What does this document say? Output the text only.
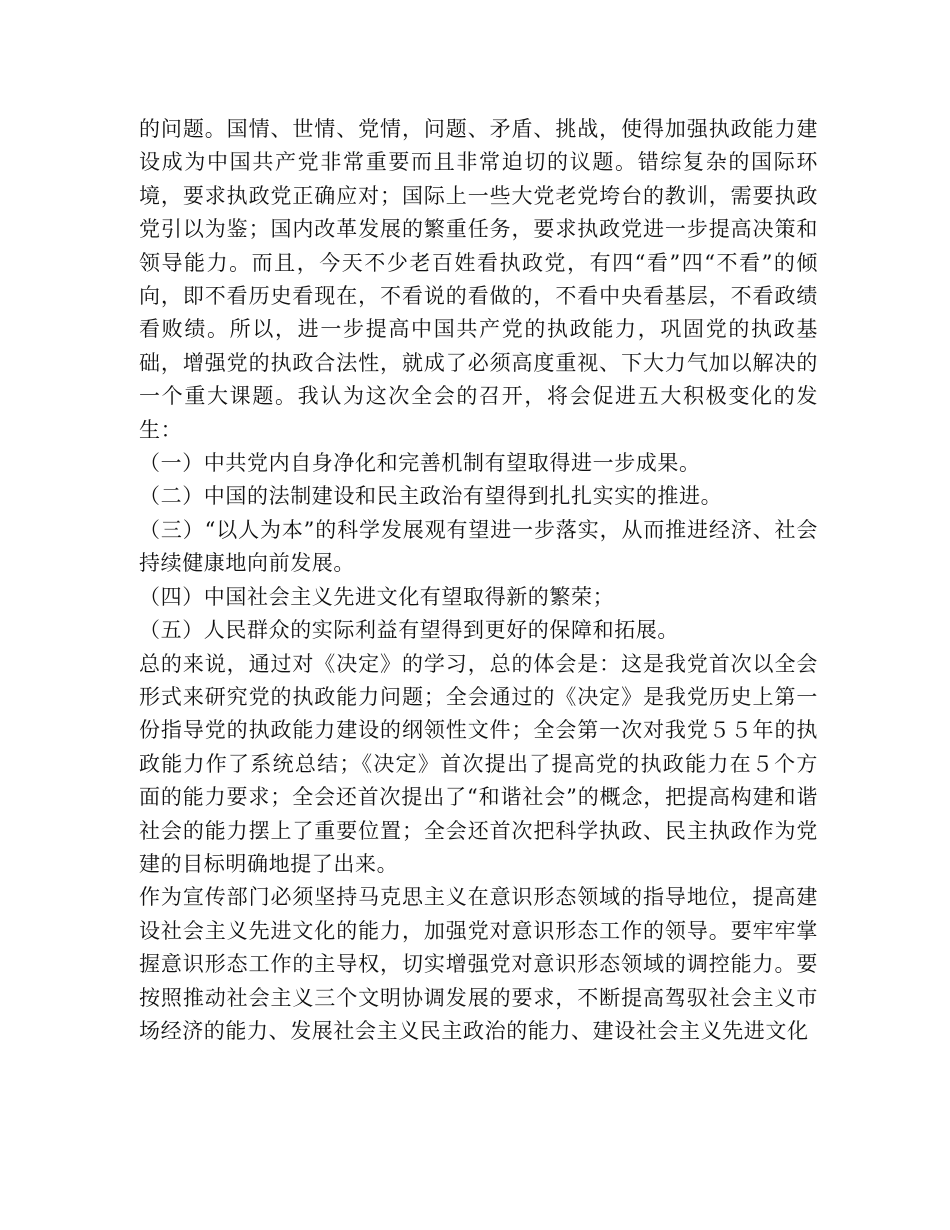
的问题。国情、世情、党情，问题、矛盾、挑战，使得加强执政能力建设成为中国共产党非常重要而且非常迫切的议题。错综复杂的国际环境，要求执政党正确应对；国际上一些大党老党垮台的教训，需要执政党引以为鉴；国内改革发展的繁重任务，要求执政党进一步提高决策和领导能力。而且，今天不少老百姓看执政党，有四“看”四“不看”的倾向，即不看历史看现在，不看说的看做的，不看中央看基层，不看政绩看败绩。所以，进一步提高中国共产党的执政能力，巩固党的执政基础，增强党的执政合法性，就成了必须高度重视、下大力气加以解决的一个重大课题。我认为这次全会的召开，将会促进五大积极变化的发生：

（一）中共党内自身净化和完善机制有望取得进一步成果。

（二）中国的法制建设和民主政治有望得到扎扎实实的推进。

（三）“以人为本”的科学发展观有望进一步落实，从而推进经济、社会持续健康地向前发展。

（四）中国社会主义先进文化有望取得新的繁荣；

（五）人民群众的实际利益有望得到更好的保障和拓展。

总的来说，通过对《决定》的学习，总的体会是：这是我党首次以全会形式来研究党的执政能力问题；全会通过的《决定》是我党历史上第一份指导党的执政能力建设的纲领性文件；全会第一次对我党５５年的执政能力作了系统总结；《决定》首次提出了提高党的执政能力在５个方面的能力要求；全会还首次提出了“和谐社会”的概念，把提高构建和谐社会的能力摆上了重要位置；全会还首次把科学执政、民主执政作为党建的目标明确地提了出来。

作为宣传部门必须坚持马克思主义在意识形态领域的指导地位，提高建设社会主义先进文化的能力，加强党对意识形态工作的领导。要牢牢掌握意识形态工作的主导权，切实增强党对意识形态领域的调控能力。要按照推动社会主义三个文明协调发展的要求，不断提高驾驭社会主义市场经济的能力、发展社会主义民主政治的能力、建设社会主义先进文化
